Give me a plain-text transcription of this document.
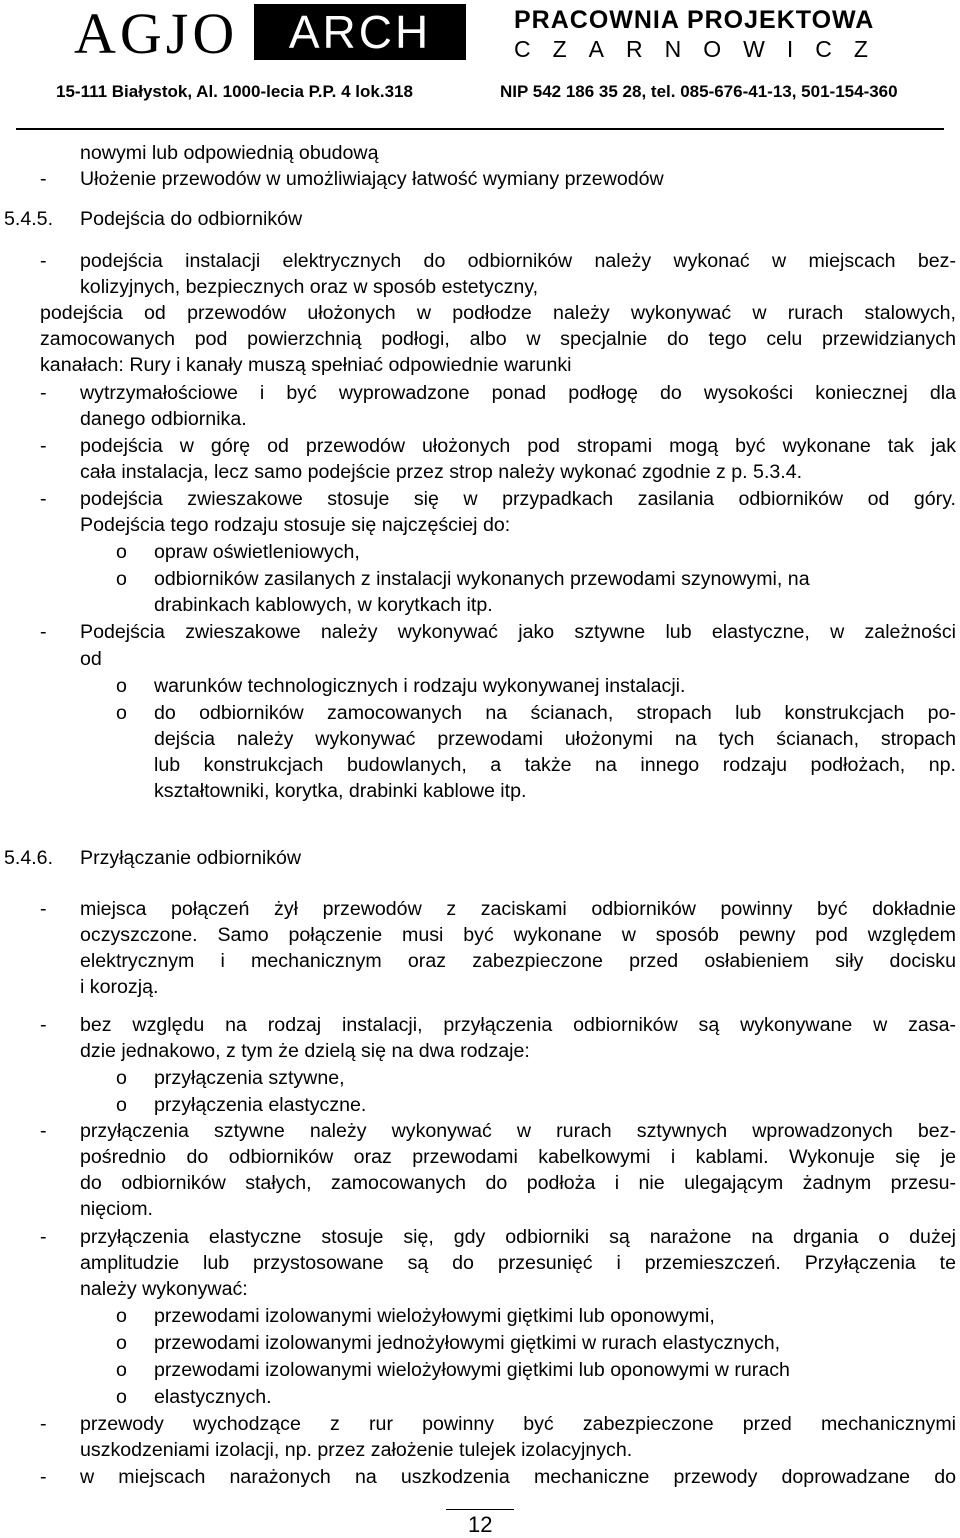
AGJO	ARCH	PRACOWNIA PROJEKTOWA
CZARNOWICZ
15-111 Białystok, Al. 1000-lecia P.P. 4 lok.318	NIP 542 186 35 28, tel. 085-676-41-13, 501-154-360
nowymi lub odpowiednią obudową
- Ułożenie przewodów w umożliwiający łatwość wymiany przewodów
5.4.5. Podejścia do odbiorników
- podejścia instalacji elektrycznych do odbiorników należy wykonać w miejscach bez-
kolizyjnych, bezpiecznych oraz w sposób estetyczny,
podejścia od przewodów ułożonych w podłodze należy wykonywać w rurach stalowych,
zamocowanych pod powierzchnią podłogi, albo w specjalnie do tego celu przewidzianych
kanałach: Rury i kanały muszą spełniać odpowiednie warunki
- wytrzymałościowe i być wyprowadzone ponad podłogę do wysokości koniecznej dla
danego odbiornika.
- podejścia w górę od przewodów ułożonych pod stropami mogą być wykonane tak jak
cała instalacja, lecz samo podejście przez strop należy wykonać zgodnie z p. 5.3.4.
- podejścia zwieszakowe stosuje się w przypadkach zasilania odbiorników od góry.
Podejścia tego rodzaju stosuje się najczęściej do:
o opraw oświetleniowych,
o odbiorników zasilanych z instalacji wykonanych przewodami szynowymi, na
drabinkach kablowych, w korytkach itp.
- Podejścia zwieszakowe należy wykonywać jako sztywne lub elastyczne, w zależności
od
o warunków technologicznych i rodzaju wykonywanej instalacji.
o do odbiorników zamocowanych na ścianach, stropach lub konstrukcjach po-
dejścia należy wykonywać przewodami ułożonymi na tych ścianach, stropach
lub konstrukcjach budowlanych, a także na innego rodzaju podłożach, np.
kształtowniki, korytka, drabinki kablowe itp.
5.4.6. Przyłączanie odbiorników
- miejsca połączeń żył przewodów z zaciskami odbiorników powinny być dokładnie
oczyszczone. Samo połączenie musi być wykonane w sposób pewny pod względem
elektrycznym i mechanicznym oraz zabezpieczone przed osłabieniem siły docisku
i korozją.
- bez względu na rodzaj instalacji, przyłączenia odbiorników są wykonywane w zasa-
dzie jednakowo, z tym że dzielą się na dwa rodzaje:
o przyłączenia sztywne,
o przyłączenia elastyczne.
- przyłączenia sztywne należy wykonywać w rurach sztywnych wprowadzonych bez-
pośrednio do odbiorników oraz przewodami kabelkowymi i kablami. Wykonuje się je
do odbiorników stałych, zamocowanych do podłoża i nie ulegającym żadnym przesu-
nięciom.
- przyłączenia elastyczne stosuje się, gdy odbiorniki są narażone na drgania o dużej
amplitudzie lub przystosowane są do przesunięć i przemieszczeń. Przyłączenia te
należy wykonywać:
o przewodami izolowanymi wielożyłowymi giętkimi lub oponowymi,
o przewodami izolowanymi jednożyłowymi giętkimi w rurach elastycznych,
o przewodami izolowanymi wielożyłowymi giętkimi lub oponowymi w rurach
o elastycznych.
- przewody wychodzące z rur powinny być zabezpieczone przed mechanicznymi
uszkodzeniami izolacji, np. przez założenie tulejek izolacyjnych.
- w miejscach narażonych na uszkodzenia mechaniczne przewody doprowadzane do
12
